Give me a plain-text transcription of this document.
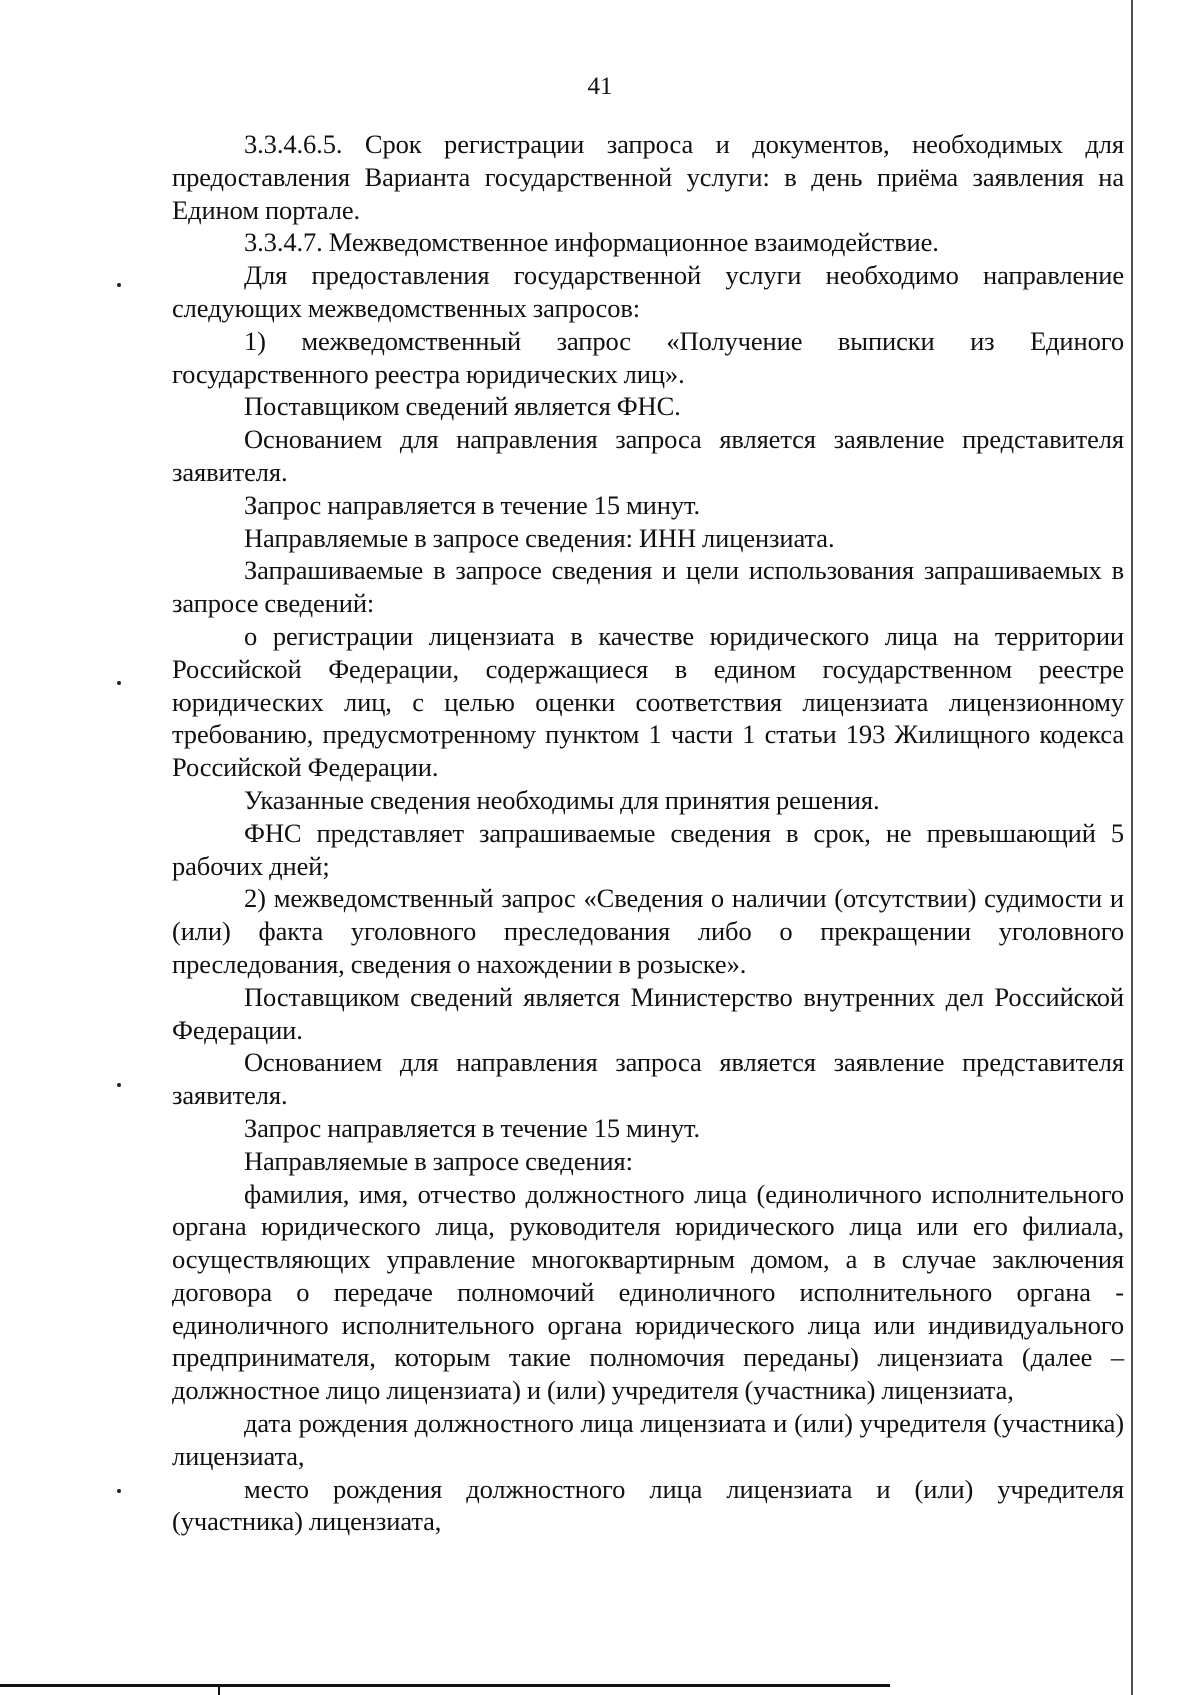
41

3.3.4.6.5. Срок регистрации запроса и документов, необходимых для предоставления Варианта государственной услуги: в день приёма заявления на Едином портале.

3.3.4.7. Межведомственное информационное взаимодействие.

Для предоставления государственной услуги необходимо направление следующих межведомственных запросов:

1) межведомственный запрос «Получение выписки из Единого государственного реестра юридических лиц».

Поставщиком сведений является ФНС.

Основанием для направления запроса является заявление представителя заявителя.

Запрос направляется в течение 15 минут.

Направляемые в запросе сведения: ИНН лицензиата.

Запрашиваемые в запросе сведения и цели использования запрашиваемых в запросе сведений:

о регистрации лицензиата в качестве юридического лица на территории Российской Федерации, содержащиеся в едином государственном реестре юридических лиц, с целью оценки соответствия лицензиата лицензионному требованию, предусмотренному пунктом 1 части 1 статьи 193 Жилищного кодекса Российской Федерации.

Указанные сведения необходимы для принятия решения.

ФНС представляет запрашиваемые сведения в срок, не превышающий 5 рабочих дней;

2) межведомственный запрос «Сведения о наличии (отсутствии) судимости и (или) факта уголовного преследования либо о прекращении уголовного преследования, сведения о нахождении в розыске».

Поставщиком сведений является Министерство внутренних дел Российской Федерации.

Основанием для направления запроса является заявление представителя заявителя.

Запрос направляется в течение 15 минут.

Направляемые в запросе сведения:

фамилия, имя, отчество должностного лица (единоличного исполнительного органа юридического лица, руководителя юридического лица или его филиала, осуществляющих управление многоквартирным домом, а в случае заключения договора о передаче полномочий единоличного исполнительного органа - единоличного исполнительного органа юридического лица или индивидуального предпринимателя, которым такие полномочия переданы) лицензиата (далее – должностное лицо лицензиата) и (или) учредителя (участника) лицензиата,

дата рождения должностного лица лицензиата и (или) учредителя (участника) лицензиата,

место рождения должностного лица лицензиата и (или) учредителя (участника) лицензиата,
